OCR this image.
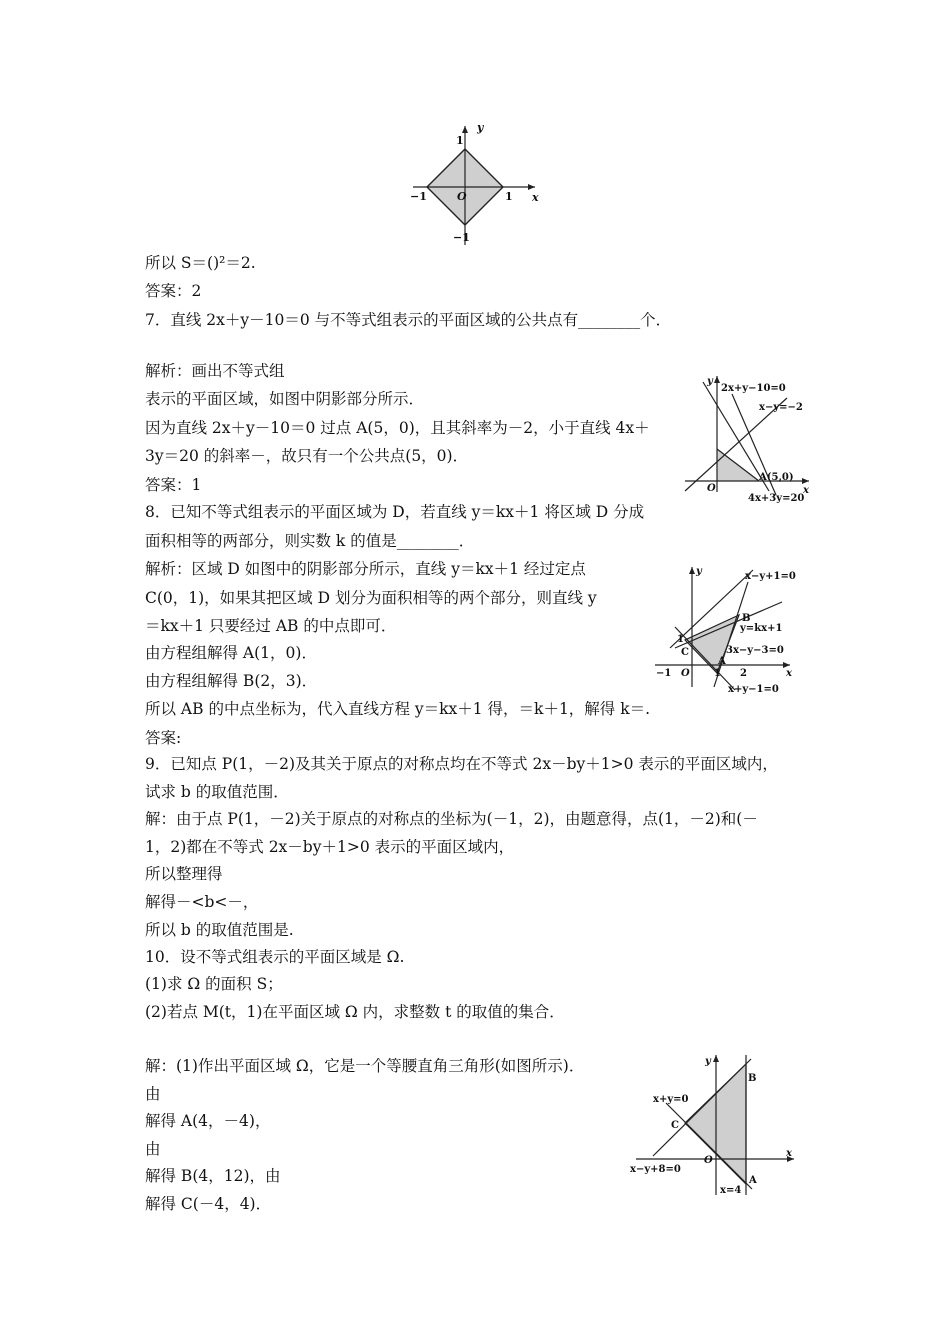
x
y
O
1
−1	1
−1
y
x
O
2x+y−10=0
x−y=−2
A(5,0)
4x+3y=20
y	x−y+1=0
B
y=kx+1
1
C	3x−y−3=0
A
−1 O 1 2	x
x+y−1=0
y
B
x+y=0
C
O
x
x−y+8=0
x=4
A
所以 S＝()²＝2.
答案：2
7．直线 2x＋y－10＝0 与不等式组表示的平面区域的公共点有________个．
解析：画出不等式组
表示的平面区域，如图中阴影部分所示．
因为直线 2x＋y－10＝0 过点 A(5，0)，且其斜率为－2，小于直线 4x＋
3y＝20 的斜率－，故只有一个公共点(5，0)．
答案：1
8．已知不等式组表示的平面区域为 D，若直线 y＝kx＋1 将区域 D 分成
面积相等的两部分，则实数 k 的值是________．
解析：区域 D 如图中的阴影部分所示，直线 y＝kx＋1 经过定点
C(0，1)，如果其把区域 D 划分为面积相等的两个部分，则直线 y
＝kx＋1 只要经过 AB 的中点即可．
由方程组解得 A(1，0)．
由方程组解得 B(2，3)．
所以 AB 的中点坐标为，代入直线方程 y＝kx＋1 得，＝k＋1，解得 k＝.
答案:
9．已知点 P(1，－2)及其关于原点的对称点均在不等式 2x－by＋1>0 表示的平面区域内，
试求 b 的取值范围．
解：由于点 P(1，－2)关于原点的对称点的坐标为(－1，2)，由题意得，点(1，－2)和(－
1，2)都在不等式 2x－by＋1>0 表示的平面区域内，
所以整理得
解得－<b<－，
所以 b 的取值范围是.
10．设不等式组表示的平面区域是 Ω.
(1)求 Ω 的面积 S；
(2)若点 M(t，1)在平面区域 Ω 内，求整数 t 的取值的集合．
解：(1)作出平面区域 Ω，它是一个等腰直角三角形(如图所示)．
由
解得 A(4，－4)，
由
解得 B(4，12)，由
解得 C(－4，4)．
